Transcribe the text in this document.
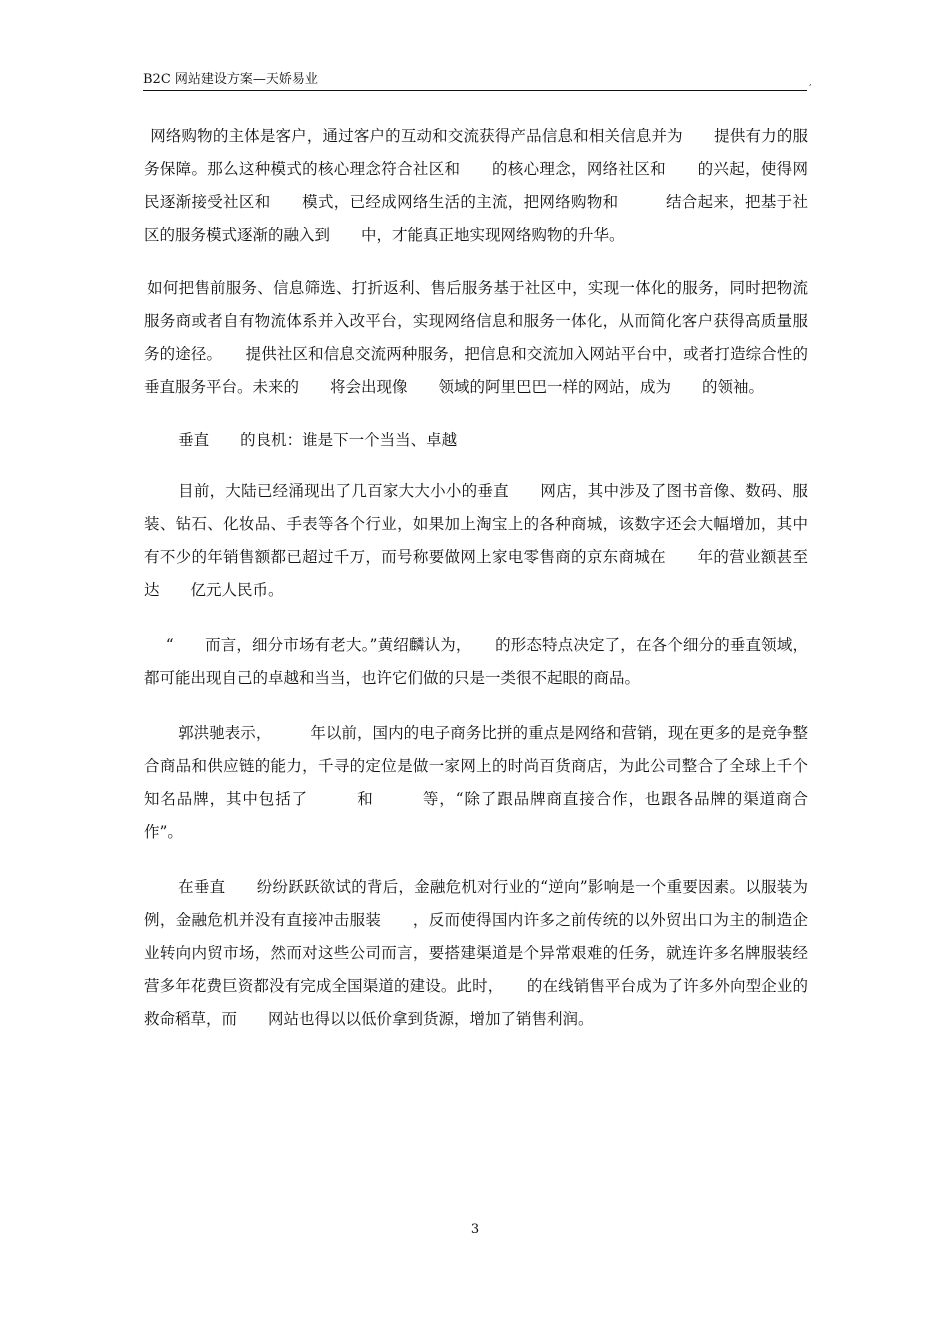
B2C 网站建设方案—天娇易业	,

网络购物的主体是客户，通过客户的互动和交流获得产品信息和相关信息并为　　提供有力的服务保障。那么这种模式的核心理念符合社区和　　的核心理念，网络社区和　　的兴起，使得网民逐渐接受社区和　　模式，已经成网络生活的主流，把网络购物和　　　结合起来，把基于社区的服务模式逐渐的融入到　　中，才能真正地实现网络购物的升华。

如何把售前服务、信息筛选、打折返利、售后服务基于社区中，实现一体化的服务，同时把物流服务商或者自有物流体系并入改平台，实现网络信息和服务一体化，从而简化客户获得高质量服务的途径。　　提供社区和信息交流两种服务，把信息和交流加入网站平台中，或者打造综合性的垂直服务平台。未来的　　将会出现像　　领域的阿里巴巴一样的网站，成为　　的领袖。

垂直　　的良机：谁是下一个当当、卓越

目前，大陆已经涌现出了几百家大大小小的垂直　　网店，其中涉及了图书音像、数码、服装、钻石、化妆品、手表等各个行业，如果加上淘宝上的各种商城，该数字还会大幅增加，其中有不少的年销售额都已超过千万，而号称要做网上家电零售商的京东商城在　　年的营业额甚至达　　亿元人民币。

“　　而言，细分市场有老大。”黄绍麟认为，　　的形态特点决定了，在各个细分的垂直领域，都可能出现自己的卓越和当当，也许它们做的只是一类很不起眼的商品。

郭洪驰表示，　　　年以前，国内的电子商务比拼的重点是网络和营销，现在更多的是竞争整合商品和供应链的能力，千寻的定位是做一家网上的时尚百货商店，为此公司整合了全球上千个知名品牌，其中包括了　　　和　　　等，“除了跟品牌商直接合作，也跟各品牌的渠道商合作”。

在垂直　　纷纷跃跃欲试的背后，金融危机对行业的“逆向”影响是一个重要因素。以服装为例，金融危机并没有直接冲击服装　　，反而使得国内许多之前传统的以外贸出口为主的制造企业转向内贸市场，然而对这些公司而言，要搭建渠道是个异常艰难的任务，就连许多名牌服装经营多年花费巨资都没有完成全国渠道的建设。此时，　　的在线销售平台成为了许多外向型企业的救命稻草，而　　网站也得以以低价拿到货源，增加了销售利润。

3
